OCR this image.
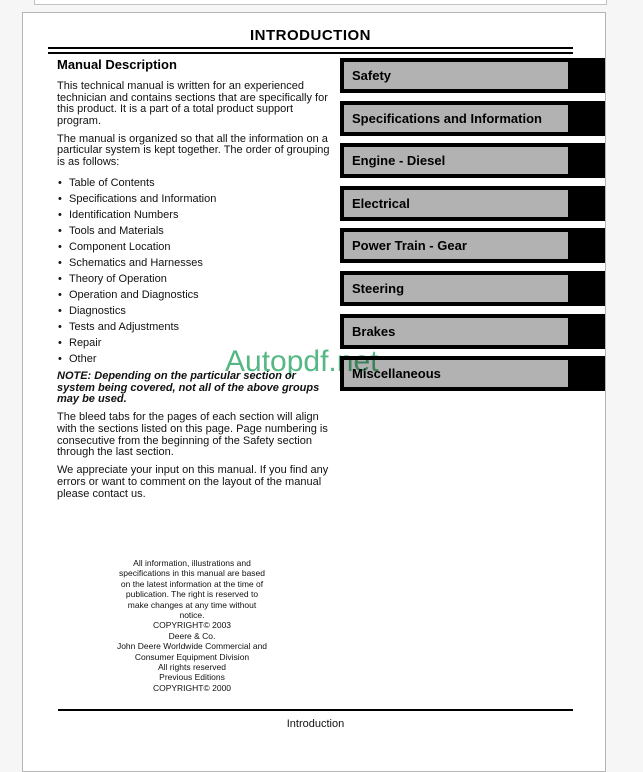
INTRODUCTION
Manual Description

This technical manual is written for an experienced technician and contains sections that are specifically for this product. It is a part of a total product support program.

The manual is organized so that all the information on a particular system is kept together. The order of grouping is as follows:

• Table of Contents
• Specifications and Information
• Identification Numbers
• Tools and Materials
• Component Location
• Schematics and Harnesses
• Theory of Operation
• Operation and Diagnostics
• Diagnostics
• Tests and Adjustments
• Repair
• Other

NOTE: Depending on the particular section or system being covered, not all of the above groups may be used.

The bleed tabs for the pages of each section will align with the sections listed on this page. Page numbering is consecutive from the beginning of the Safety section through the last section.

We appreciate your input on this manual. If you find any errors or want to comment on the layout of the manual please contact us.

Safety
Specifications and Information
Engine - Diesel
Electrical
Power Train - Gear
Steering
Brakes
Miscellaneous
All information, illustrations and
specifications in this manual are based
on the latest information at the time of
publication. The right is reserved to
make changes at any time without
notice.
COPYRIGHT© 2003
Deere & Co.
John Deere Worldwide Commercial and
Consumer Equipment Division
All rights reserved
Previous Editions
COPYRIGHT© 2000
Introduction
Autopdf.net
